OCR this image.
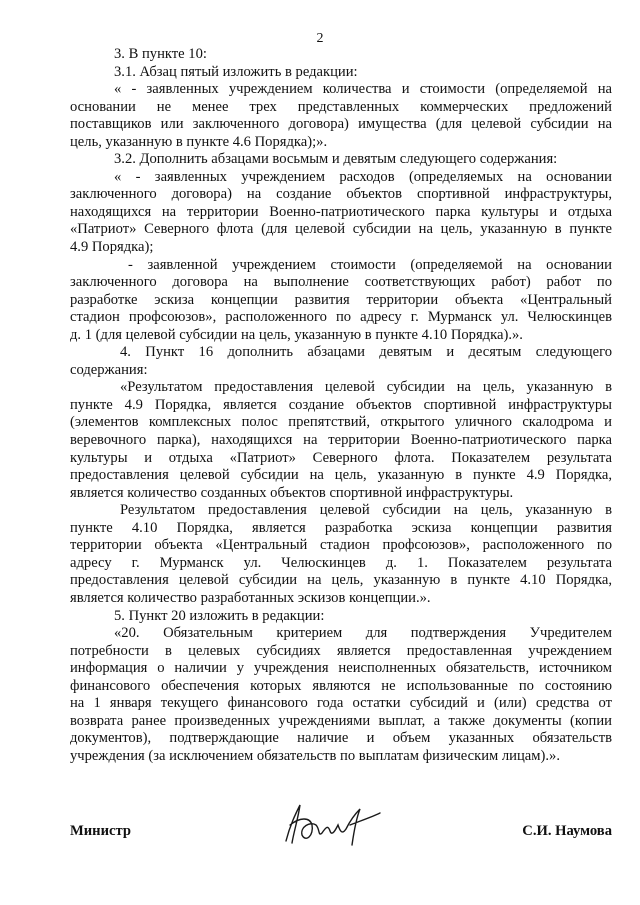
2
3. В пункте 10:
3.1. Абзац пятый изложить в редакции:
« - заявленных учреждением количества и стоимости (определяемой на
основании не менее трех представленных коммерческих предложений
поставщиков или заключенного договора) имущества (для целевой субсидии на
цель, указанную в пункте 4.6 Порядка);».
3.2. Дополнить абзацами восьмым и девятым следующего содержания:
« - заявленных учреждением расходов (определяемых на основании
заключенного договора) на создание объектов спортивной инфраструктуры,
находящихся на территории Военно-патриотического парка культуры и отдыха
«Патриот» Северного флота (для целевой субсидии на цель, указанную в пункте
4.9 Порядка);
- заявленной учреждением стоимости (определяемой на основании
заключенного договора на выполнение соответствующих работ) работ по
разработке эскиза концепции развития территории объекта «Центральный
стадион профсоюзов», расположенного по адресу г. Мурманск ул. Челюскинцев
д. 1 (для целевой субсидии на цель, указанную в пункте 4.10 Порядка).».
4. Пункт 16 дополнить абзацами девятым и десятым следующего
содержания:
«Результатом предоставления целевой субсидии на цель, указанную в
пункте 4.9 Порядка, является создание объектов спортивной инфраструктуры
(элементов комплексных полос препятствий, открытого уличного скалодрома и
веревочного парка), находящихся на территории Военно-патриотического парка
культуры и отдыха «Патриот» Северного флота. Показателем результата
предоставления целевой субсидии на цель, указанную в пункте 4.9 Порядка,
является количество созданных объектов спортивной инфраструктуры.
Результатом предоставления целевой субсидии на цель, указанную в
пункте 4.10 Порядка, является разработка эскиза концепции развития
территории объекта «Центральный стадион профсоюзов», расположенного по
адресу г. Мурманск ул. Челюскинцев д. 1. Показателем результата
предоставления целевой субсидии на цель, указанную в пункте 4.10 Порядка,
является количество разработанных эскизов концепции.».
5. Пункт 20 изложить в редакции:
«20. Обязательным критерием для подтверждения Учредителем
потребности в целевых субсидиях является предоставленная учреждением
информация о наличии у учреждения неисполненных обязательств, источником
финансового обеспечения которых являются не использованные по состоянию
на 1 января текущего финансового года остатки субсидий и (или) средства от
возврата ранее произведенных учреждениями выплат, а также документы (копии
документов), подтверждающие наличие и объем указанных обязательств
учреждения (за исключением обязательств по выплатам физическим лицам).».
Министр	С.И. Наумова
